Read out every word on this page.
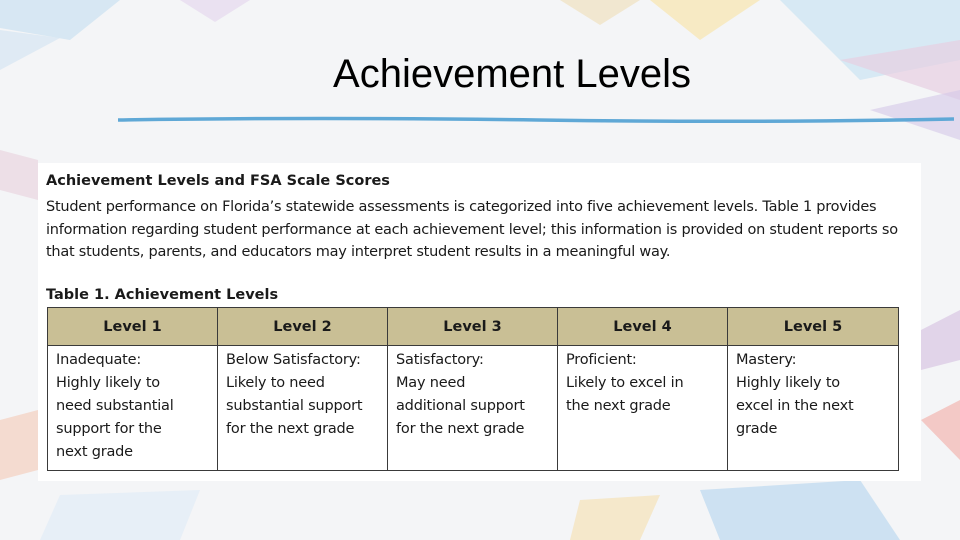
Achievement Levels
Achievement Levels and FSA Scale Scores
Student performance on Florida’s statewide assessments is categorized into five achievement levels. Table 1 provides information regarding student performance at each achievement level; this information is provided on student reports so that students, parents, and educators may interpret student results in a meaningful way.
Table 1. Achievement Levels
Level 1	Level 2	Level 3	Level 4	Level 5

Inadequate:
Highly likely to
need substantial
support for the
next grade	Below Satisfactory:
Likely to need
substantial support
for the next grade	Satisfactory:
May need
additional support
for the next grade	Proficient:
Likely to excel in
the next grade	Mastery:
Highly likely to
excel in the next
grade
